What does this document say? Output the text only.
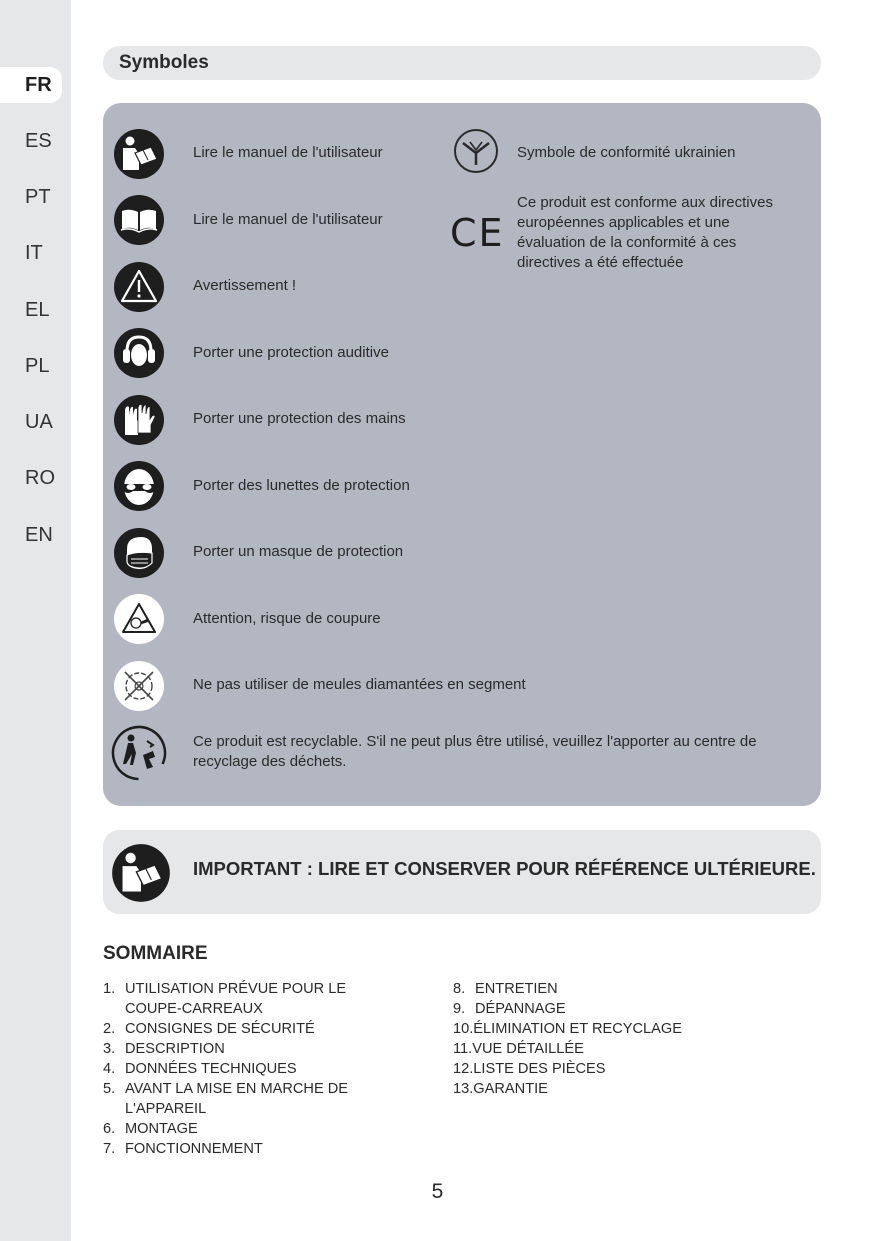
FR
ES
PT
IT
EL
PL
UA
RO
EN
Symboles
Lire le manuel de l'utilisateur
Lire le manuel de l'utilisateur
Avertissement !
Porter une protection auditive
Porter une protection des mains
Porter des lunettes de protection
Porter un masque de protection
Attention, risque de coupure
Ne pas utiliser de meules diamantées en segment
Ce produit est recyclable. S'il ne peut plus être utilisé, veuillez l'apporter au centre de
recyclage des déchets.
Symbole de conformité ukrainien
CE
Ce produit est conforme aux directives
européennes applicables et une
évaluation de la conformité à ces
directives a été effectuée
IMPORTANT : LIRE ET CONSERVER POUR RÉFÉRENCE ULTÉRIEURE.
SOMMAIRE
1. UTILISATION PRÉVUE POUR LE
COUPE-CARREAUX
2. CONSIGNES DE SÉCURITÉ
3. DESCRIPTION
4. DONNÉES TECHNIQUES
5. AVANT LA MISE EN MARCHE DE
L'APPAREIL
6. MONTAGE
7. FONCTIONNEMENT
8. ENTRETIEN
9. DÉPANNAGE
10. ÉLIMINATION ET RECYCLAGE
11. VUE DÉTAILLÉE
12. LISTE DES PIÈCES
13. GARANTIE
5
